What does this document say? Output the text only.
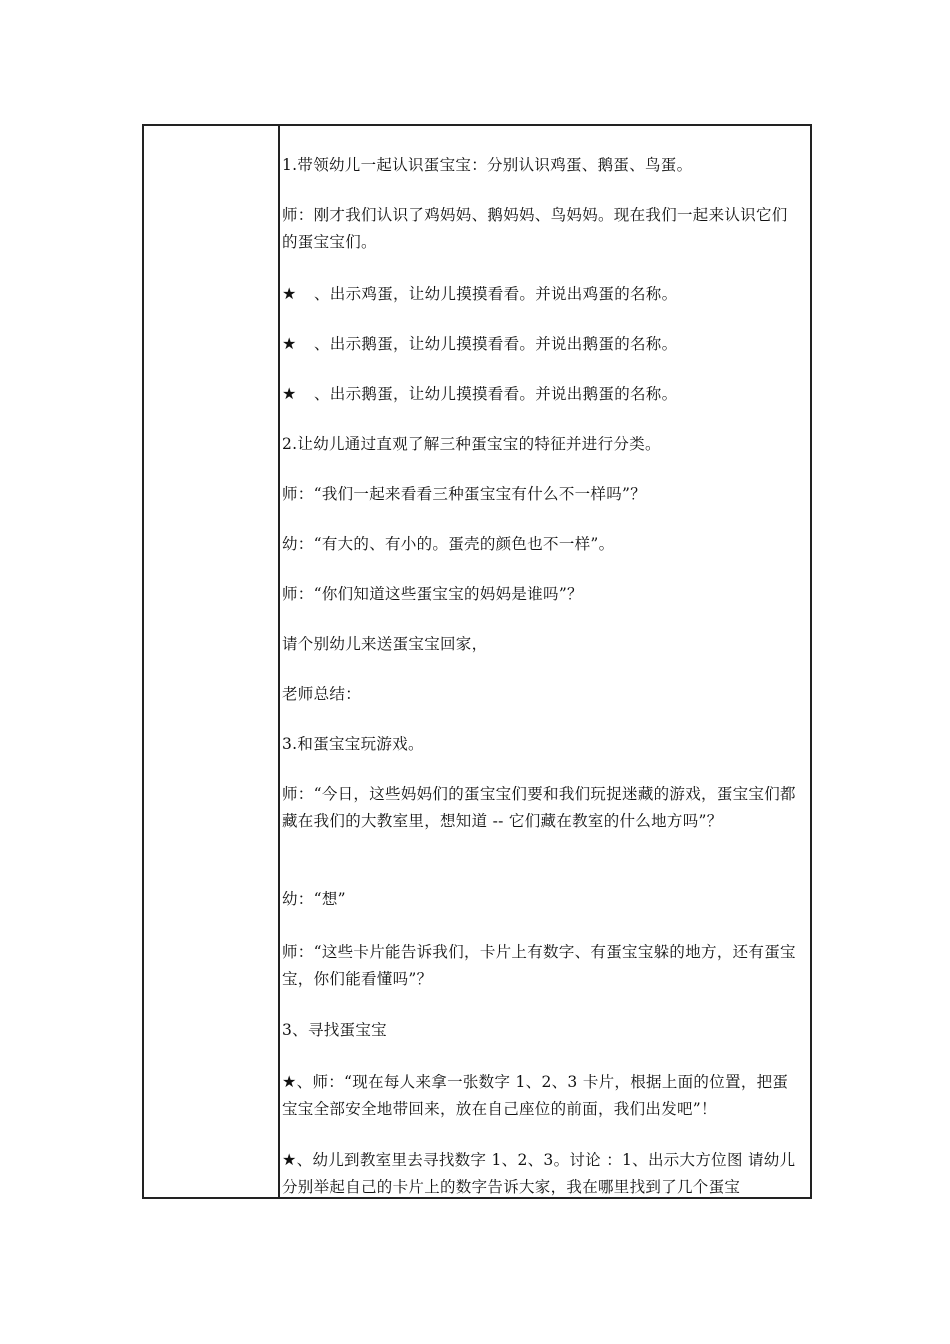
1.带领幼儿一起认识蛋宝宝：分别认识鸡蛋、鹅蛋、鸟蛋。
师：刚才我们认识了鸡妈妈、鹅妈妈、鸟妈妈。现在我们一起来认识它们的蛋宝宝们。
★ 、出示鸡蛋，让幼儿摸摸看看。并说出鸡蛋的名称。
★ 、出示鹅蛋，让幼儿摸摸看看。并说出鹅蛋的名称。
★ 、出示鹅蛋，让幼儿摸摸看看。并说出鹅蛋的名称。
2.让幼儿通过直观了解三种蛋宝宝的特征并进行分类。
师：“我们一起来看看三种蛋宝宝有什么不一样吗”？
幼：“有大的、有小的。蛋壳的颜色也不一样”。
师：“你们知道这些蛋宝宝的妈妈是谁吗”？
请个别幼儿来送蛋宝宝回家，
老师总结：
3.和蛋宝宝玩游戏。
师：“今日，这些妈妈们的蛋宝宝们要和我们玩捉迷藏的游戏，蛋宝宝们都藏在我们的大教室里，想知道 -- 它们藏在教室的什么地方吗”？
幼：“想”
师：“这些卡片能告诉我们，卡片上有数字、有蛋宝宝躲的地方，还有蛋宝宝，你们能看懂吗”？
3、寻找蛋宝宝
★、师：“现在每人来拿一张数字 1、2、3 卡片，根据上面的位置，把蛋宝宝全部安全地带回来，放在自己座位的前面，我们出发吧”！
★、幼儿到教室里去寻找数字 1、2、3。讨论 ：1、出示大方位图 请幼儿分别举起自己的卡片上的数字告诉大家，我在哪里找到了几个蛋宝
